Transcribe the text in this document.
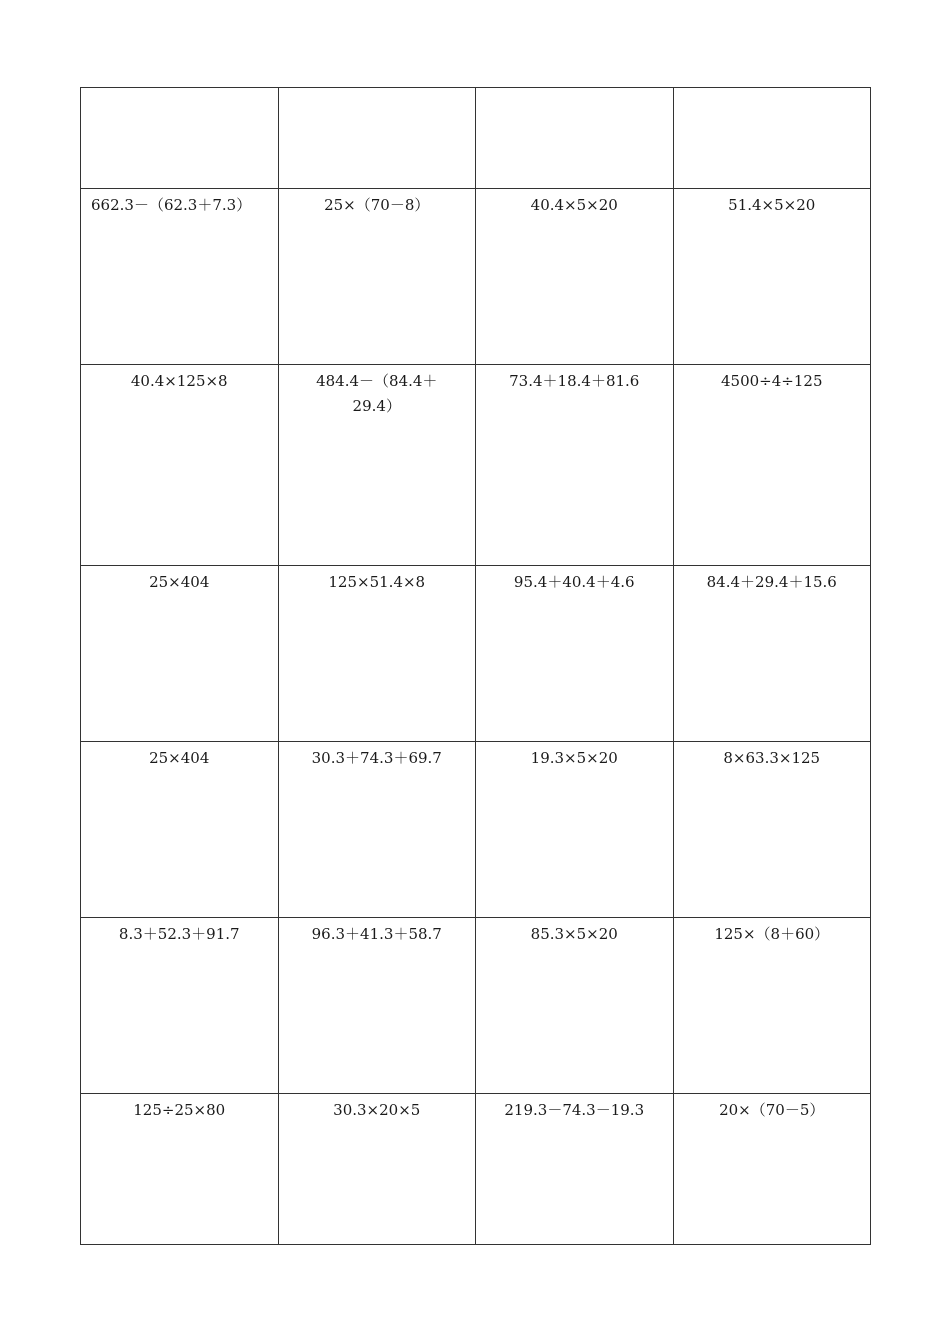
662.3－（62.3＋7.3）	25×（70－8）	40.4×5×20	51.4×5×20
40.4×125×8	484.4－（84.4＋29.4）	73.4＋18.4＋81.6	4500÷4÷125
25×404	125×51.4×8	95.4＋40.4＋4.6	84.4＋29.4＋15.6
25×404	30.3＋74.3＋69.7	19.3×5×20	8×63.3×125
8.3＋52.3＋91.7	96.3＋41.3＋58.7	85.3×5×20	125×（8＋60）
125÷25×80	30.3×20×5	219.3－74.3－19.3	20×（70－5）
